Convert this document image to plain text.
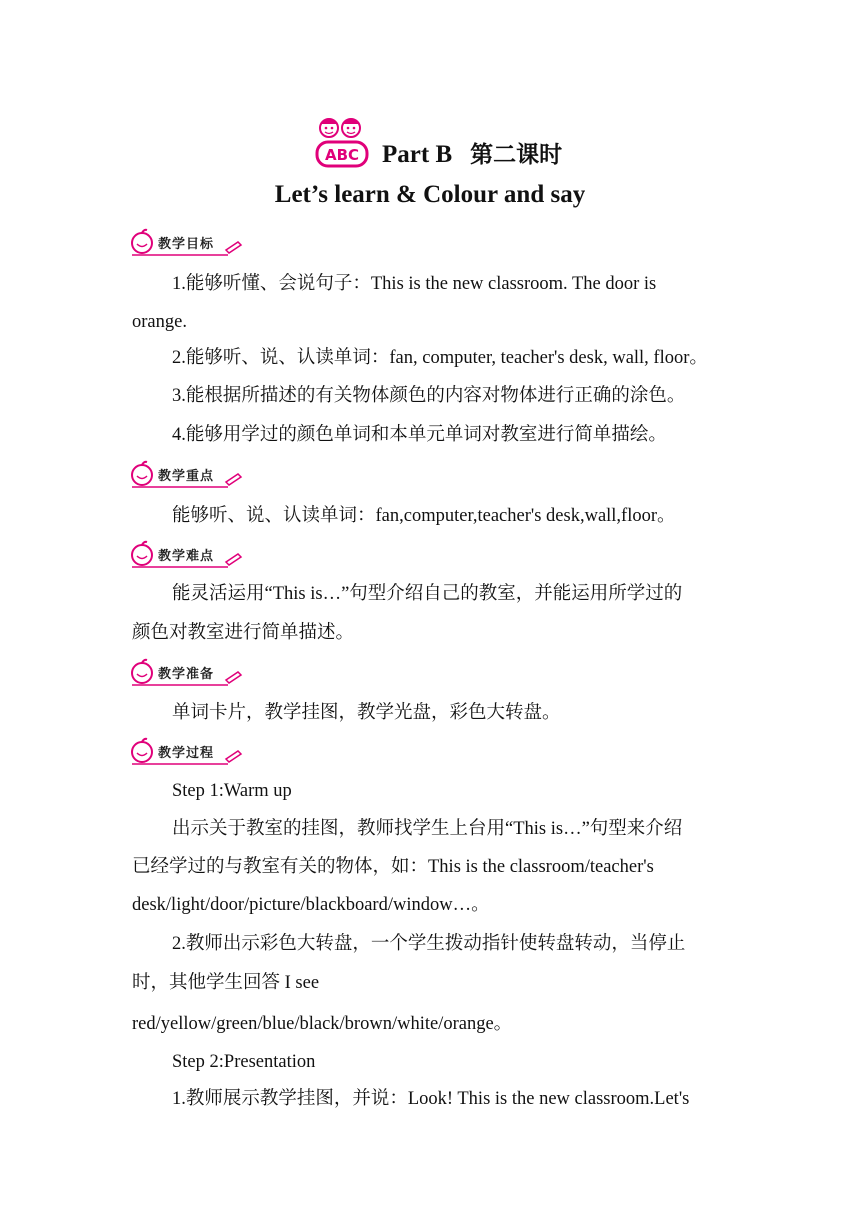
ABC Part B 第二课时
Let’s learn & Colour and say
教学目标
1.能够听懂、会说句子：This is the new classroom. The door is
orange.
2.能够听、说、认读单词：fan, computer, teacher's desk, wall, floor。
3.能根据所描述的有关物体颜色的内容对物体进行正确的涂色。
4.能够用学过的颜色单词和本单元单词对教室进行简单描绘。
教学重点
能够听、说、认读单词：fan,computer,teacher's desk,wall,floor。
教学难点
能灵活运用“This is…”句型介绍自己的教室，并能运用所学过的
颜色对教室进行简单描述。
教学准备
单词卡片，教学挂图，教学光盘，彩色大转盘。
教学过程
Step 1:Warm up
出示关于教室的挂图，教师找学生上台用“This is…”句型来介绍
已经学过的与教室有关的物体，如：This is the classroom/teacher's
desk/light/door/picture/blackboard/window…。
2.教师出示彩色大转盘，一个学生拨动指针使转盘转动，当停止
时，其他学生回答 I see
red/yellow/green/blue/black/brown/white/orange。
Step 2:Presentation
1.教师展示教学挂图，并说：Look! This is the new classroom.Let's
